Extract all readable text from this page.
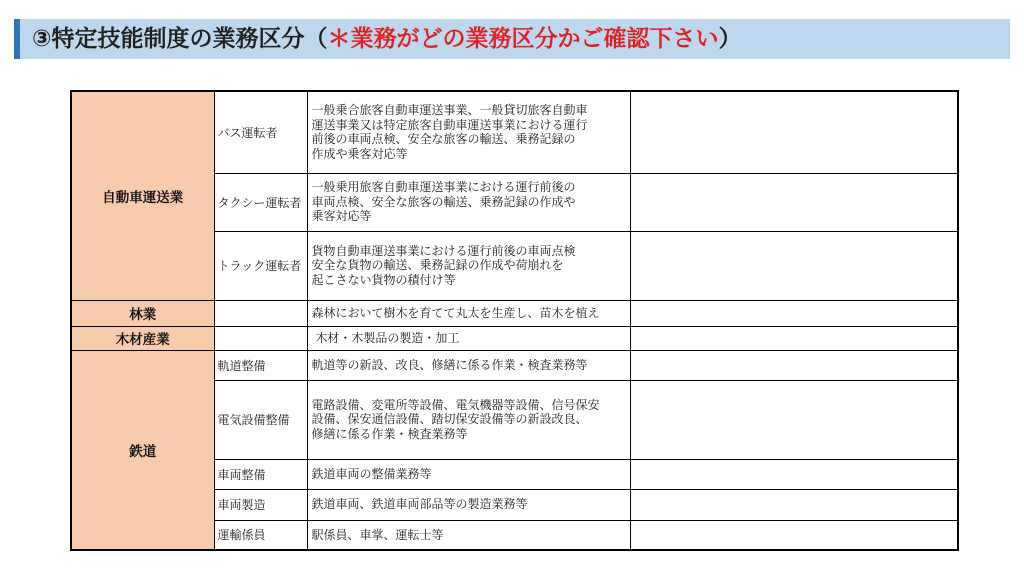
③特定技能制度の業務区分（＊業務がどの業務区分かご確認下さい）
自動車運送業	バス運転者	一般乗合旅客自動車運送事業、一般貸切旅客自動車
運送事業又は特定旅客自動車運送事業における運行
前後の車両点検、安全な旅客の輸送、乗務記録の
作成や乗客対応等	

	タクシー運転者	一般乗用旅客自動車運送事業における運行前後の
車両点検、安全な旅客の輸送、乗務記録の作成や
乗客対応等	

	トラック運転者	貨物自動車運送事業における運行前後の車両点検
安全な貨物の輸送、乗務記録の作成や荷崩れを
起こさない貨物の積付け等	

林業		森林において樹木を育てて丸太を生産し、苗木を植え	

木材産業		木材・木製品の製造・加工	

鉄道	軌道整備	軌道等の新設、改良、修繕に係る作業・検査業務等	

	電気設備整備	電路設備、変電所等設備、電気機器等設備、信号保安
設備、保安通信設備、踏切保安設備等の新設改良、
修繕に係る作業・検査業務等	

	車両整備	鉄道車両の整備業務等	

	車両製造	鉄道車両、鉄道車両部品等の製造業務等	

	運輸係員	駅係員、車掌、運転士等	
